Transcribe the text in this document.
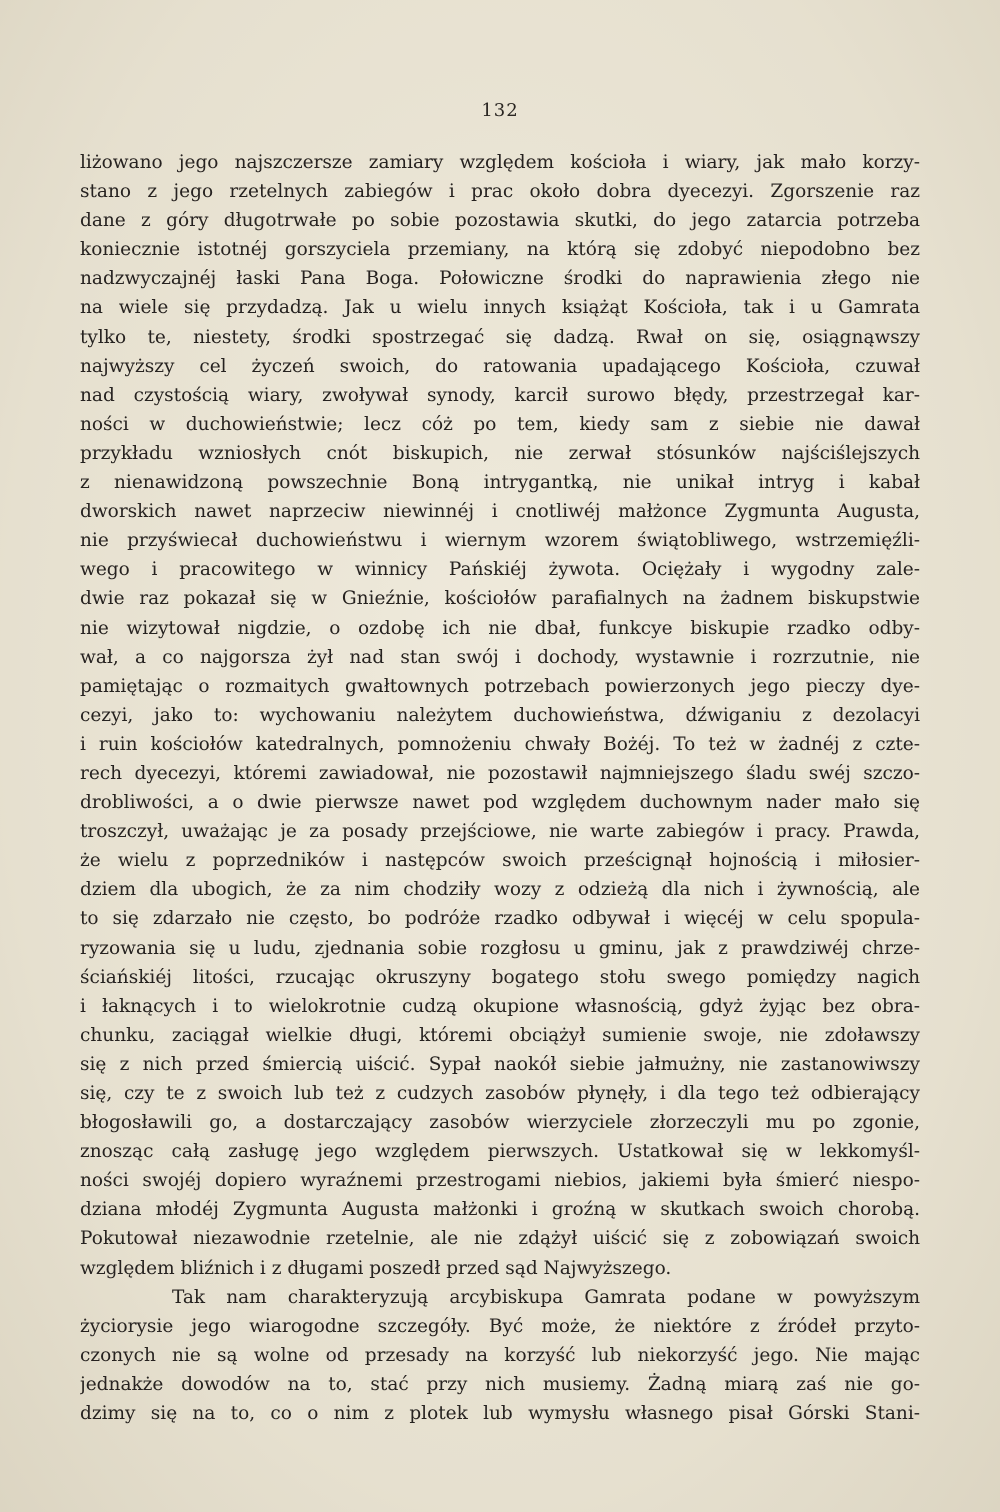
132
liżowano jego najszczersze zamiary względem kościoła i wiary, jak mało korzy-
stano z jego rzetelnych zabiegów i prac około dobra dyecezyi. Zgorszenie raz
dane z góry długotrwałe po sobie pozostawia skutki, do jego zatarcia potrzeba
koniecznie istotnéj gorszyciela przemiany, na którą się zdobyć niepodobno bez
nadzwyczajnéj łaski Pana Boga. Połowiczne środki do naprawienia złego nie
na wiele się przydadzą. Jak u wielu innych książąt Kościoła, tak i u Gamrata
tylko te, niestety, środki spostrzegać się dadzą. Rwał on się, osiągnąwszy
najwyższy cel życzeń swoich, do ratowania upadającego Kościoła, czuwał
nad czystością wiary, zwoływał synody, karcił surowo błędy, przestrzegał kar-
ności w duchowieństwie; lecz cóż po tem, kiedy sam z siebie nie dawał
przykładu wzniosłych cnót biskupich, nie zerwał stósunków najściślejszych
z nienawidzoną powszechnie Boną intrygantką, nie unikał intryg i kabał
dworskich nawet naprzeciw niewinnéj i cnotliwéj małżonce Zygmunta Augusta,
nie przyświecał duchowieństwu i wiernym wzorem świątobliwego, wstrzemięźli-
wego i pracowitego w winnicy Pańskiéj żywota. Ociężały i wygodny zale-
dwie raz pokazał się w Gnieźnie, kościołów parafialnych na żadnem biskupstwie
nie wizytował nigdzie, o ozdobę ich nie dbał, funkcye biskupie rzadko odby-
wał, a co najgorsza żył nad stan swój i dochody, wystawnie i rozrzutnie, nie
pamiętając o rozmaitych gwałtownych potrzebach powierzonych jego pieczy dye-
cezyi, jako to: wychowaniu należytem duchowieństwa, dźwiganiu z dezolacyi
i ruin kościołów katedralnych, pomnożeniu chwały Bożéj. To też w żadnéj z czte-
rech dyecezyi, któremi zawiadował, nie pozostawił najmniejszego śladu swéj szczo-
drobliwości, a o dwie pierwsze nawet pod względem duchownym nader mało się
troszczył, uważając je za posady przejściowe, nie warte zabiegów i pracy. Prawda,
że wielu z poprzedników i następców swoich prześcignął hojnością i miłosier-
dziem dla ubogich, że za nim chodziły wozy z odzieżą dla nich i żywnością, ale
to się zdarzało nie często, bo podróże rzadko odbywał i więcéj w celu spopula-
ryzowania się u ludu, zjednania sobie rozgłosu u gminu, jak z prawdziwéj chrze-
ściańskiéj litości, rzucając okruszyny bogatego stołu swego pomiędzy nagich
i łaknących i to wielokrotnie cudzą okupione własnością, gdyż żyjąc bez obra-
chunku, zaciągał wielkie długi, któremi obciążył sumienie swoje, nie zdoławszy
się z nich przed śmiercią uiścić. Sypał naokół siebie jałmużny, nie zastanowiwszy
się, czy te z swoich lub też z cudzych zasobów płynęły, i dla tego też odbierający
błogosławili go, a dostarczający zasobów wierzyciele złorzeczyli mu po zgonie,
znosząc całą zasługę jego względem pierwszych. Ustatkował się w lekkomyśl-
ności swojéj dopiero wyraźnemi przestrogami niebios, jakiemi była śmierć niespo-
dziana młodéj Zygmunta Augusta małżonki i groźną w skutkach swoich chorobą.
Pokutował niezawodnie rzetelnie, ale nie zdążył uiścić się z zobowiązań swoich
względem bliźnich i z długami poszedł przed sąd Najwyższego.
Tak nam charakteryzują arcybiskupa Gamrata podane w powyższym
życiorysie jego wiarogodne szczegóły. Być może, że niektóre z źródeł przyto-
czonych nie są wolne od przesady na korzyść lub niekorzyść jego. Nie mając
jednakże dowodów na to, stać przy nich musiemy. Żadną miarą zaś nie go-
dzimy się na to, co o nim z plotek lub wymysłu własnego pisał Górski Stani-
